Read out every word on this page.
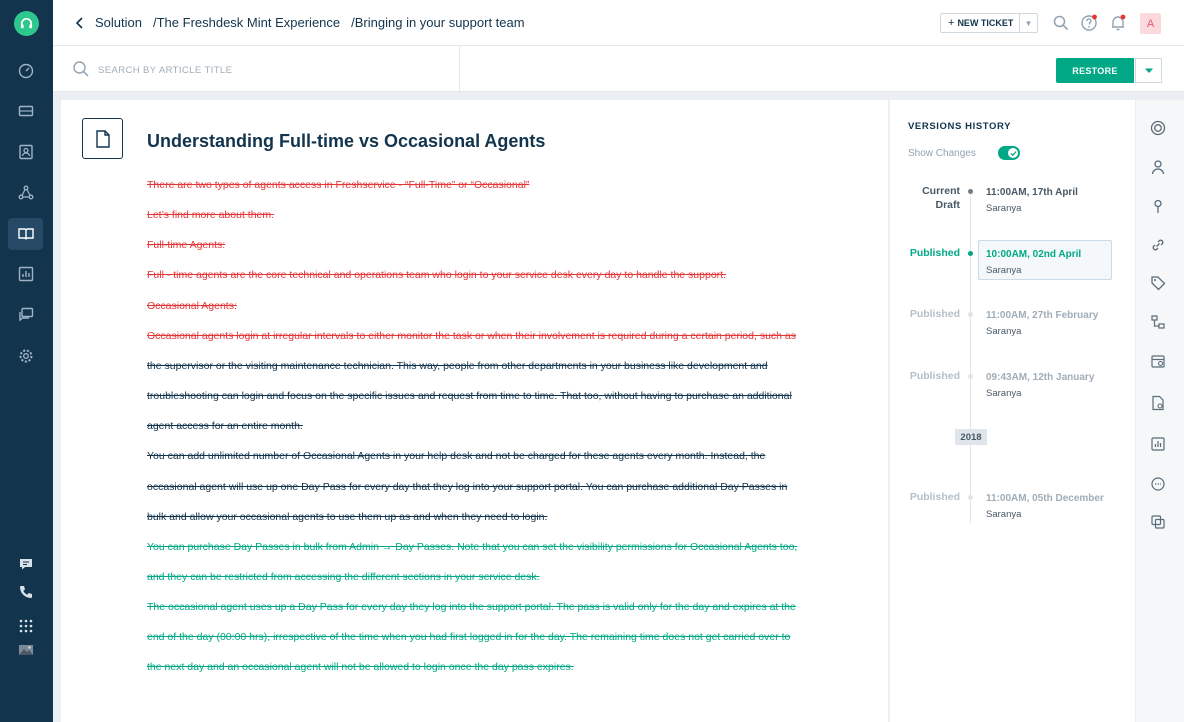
Solution /The Freshdesk Mint Experience /Bringing in your support team	+ NEW TICKET	▼	A
SEARCH BY ARTICLE TITLE
RESTORE
Understanding Full-time vs Occasional Agents
There are two types of agents access in Freshservice - “Full-Time” or “Occasional”
Let’s find more about them.
Full-time Agents:
Full - time agents are the core technical and operations team who login to your service desk every day to handle the support.
Occasional Agents:
Occasional agents login at irregular intervals to either monitor the task or when their involvement is required during a certain period, such as
the supervisor or the visiting maintenance technician. This way, people from other departments in your business like development and
troubleshooting can login and focus on the specific issues and request from time to time. That too, without having to purchase an additional
agent access for an entire month.
You can add unlimited number of Occasional Agents in your help desk and not be charged for these agents every month. Instead, the
occasional agent will use up one Day Pass for every day that they log into your support portal. You can purchase additional Day Passes in
bulk and allow your occasional agents to use them up as and when they need to login.
You can purchase Day Passes in bulk from Admin → Day Passes. Note that you can set the visibility permissions for Occasional Agents too,
and they can be restricted from accessing the different sections in your service desk.
The occasional agent uses up a Day Pass for every day they log into the support portal. The pass is valid only for the day and expires at the
end of the day (00:00 hrs), irrespective of the time when you had first logged in for the day. The remaining time does not get carried over to
the next day and an occasional agent will not be allowed to login once the day pass expires.
VERSIONS HISTORY
Show Changes
Current
Draft
11:00AM, 17th April
Saranya
Published	10:00AM, 02nd April
Saranya
Published	11:00AM, 27th February
Saranya
Published	09:43AM, 12th January
Saranya
Published	11:00AM, 05th December
Saranya
2018
